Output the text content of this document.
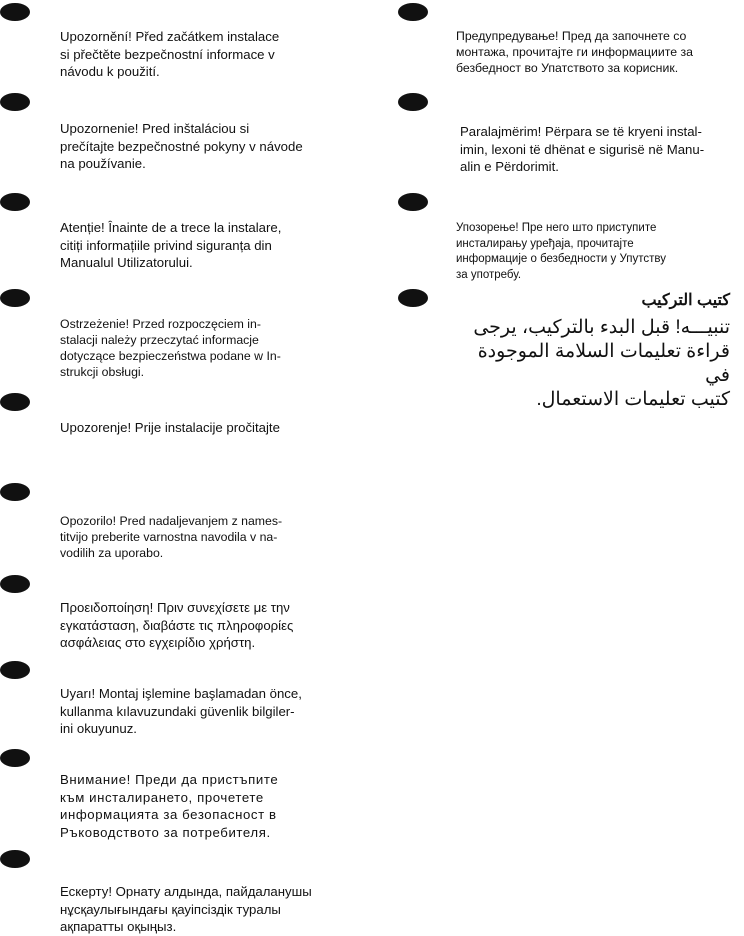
Upozornění! Před začátkem instalace
si přečtěte bezpečnostní informace v
návodu k použití.

Upozornenie! Pred inštaláciou si
prečítajte bezpečnostné pokyny v návode
na používanie.

Atenție! Înainte de a trece la instalare,
citiți informațiile privind siguranța din
Manualul Utilizatorului.

Ostrzeżenie! Przed rozpoczęciem in-
stalacji należy przeczytać informacje
dotyczące bezpieczeństwa podane w In-
strukcji obsługi.

Upozorenje! Prije instalacije pročitajte

Opozorilo! Pred nadaljevanjem z names-
titvijo preberite varnostna navodila v na-
vodilih za uporabo.

Προειδοποίηση! Πριν συνεχίσετε με την
εγκατάσταση, διαβάστε τις πληροφορίες
ασφάλειας στο εγχειρίδιο χρήστη.

Uyarı! Montaj işlemine başlamadan önce,
kullanma kılavuzundaki güvenlik bilgiler-
ini okuyunuz.

Внимание! Преди да пристъпите
към инсталирането, прочетете
информацията за безопасност в
Ръководството за потребителя.

Ескерту! Орнату алдында, пайдаланушы
нұсқаулығындағы қауіпсіздік туралы
ақпаратты оқыңыз.

Предупредување! Пред да започнете со
монтажа, прочитајте ги информациите за
безбедност во Упатството за корисник.

Paralajmërim! Përpara se të kryeni instal-
imin, lexoni të dhënat e sigurisë në Manu-
alin e Përdorimit.

Упозорење! Пре него што приступите
инсталирању уређаја, прочитајте
информације о безбедности у Упутству
за употребу.

كتيب التركيب
تنبيـــه! قبل البدء بالتركيب، يرجى
قراءة تعليمات السلامة الموجودة في
كتيب تعليمات الاستعمال.
